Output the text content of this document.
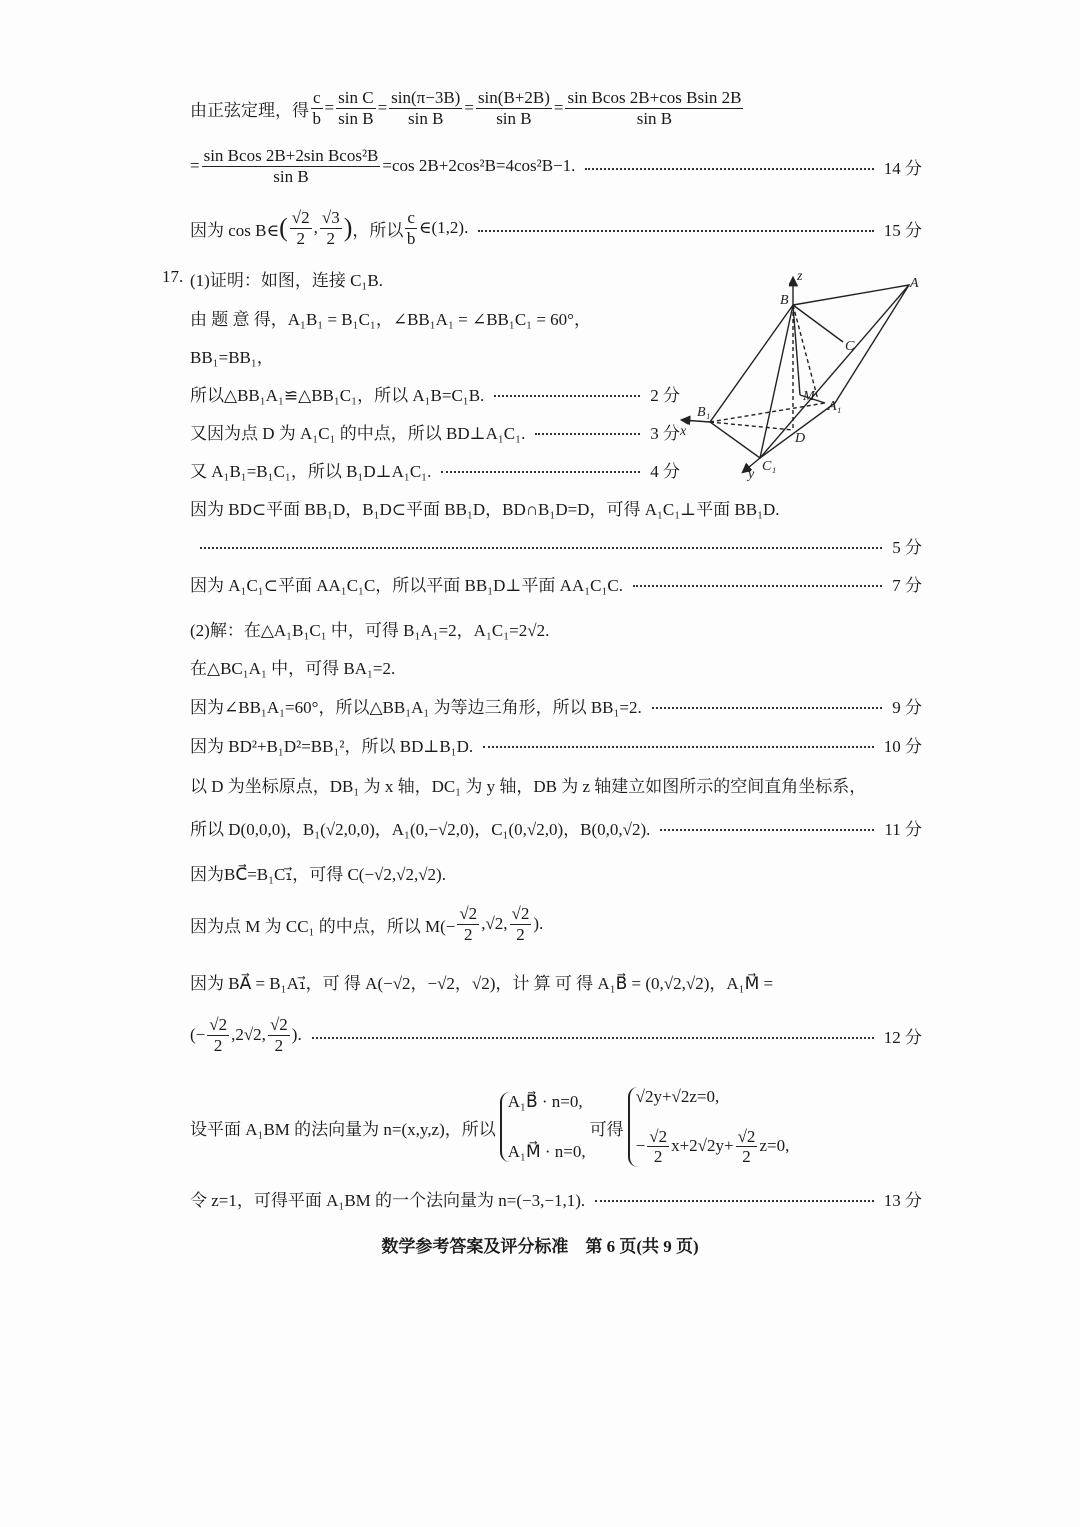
由正弦定理，得 $\frac{c}{b} = \frac{\text{sin C}}{\text{sin B}} = \frac{\sin(\pi-3B)}{\text{sin B}} = \frac{\sin(B+2B)}{\text{sin B}} = \frac{\text{sin Bcos 2B+cos Bsin 2B}}{\text{sin B}}$
= $\frac{\text{sin Bcos 2B+2sin Bcos²B}}{\text{sin B}} =\cos$ 2B+2cos²B=4cos²B−1.	14 分
因为 cos B∈ ( $\frac{√2}{2}$ , $\frac{√3}{2}$ ) ，所以 $\frac{c}{b}$ ∈(1,2).	15 分
17. (1)证明：如图，连接 C₁B.
由 题 意 得，A₁B₁ = B₁C₁，∠BB₁A₁ = ∠BB₁C₁ = 60°，
BB₁=BB₁，
所以△BB₁A₁≌△BB₁C₁，所以 A₁B=C₁B.	2 分
又因为点 D 为 A₁C₁ 的中点，所以 BD⊥A₁C₁.	3 分
又 A₁B₁=B₁C₁，所以 B₁D⊥A₁C₁.	4 分
因为 BD⊂平面 BB₁D，B₁D⊂平面 BB₁D，BD∩B₁D=D，可得 A₁C₁⊥平面 BB₁D.
5 分
因为 A₁C₁⊂平面 AA₁C₁C，所以平面 BB₁D⊥平面 AA₁C₁C.	7 分
(2)解：在△A₁B₁C₁ 中，可得 B₁A₁=2，A₁C₁=2√2.
在△BC₁A₁ 中，可得 BA₁=2.
因为∠BB₁A₁=60°，所以△BB₁A₁ 为等边三角形，所以 BB₁=2.	9 分
因为 BD²+B₁D²=BB₁²，所以 BD⊥B₁D.	10 分
以 D 为坐标原点，DB₁ 为 x 轴，DC₁ 为 y 轴，DB 为 z 轴建立如图所示的空间直角坐标系，
所以 D(0,0,0)，B₁(√2,0,0)，A₁(0,−√2,0)，C₁(0,√2,0)，B(0,0,√2).	11 分
因为BC⃗=B₁C₁⃗，可得 C(−√2,√2,√2).
因为点 M 为 CC₁ 的中点，所以 $M(- \frac{√2}{2} ,√2$, $\frac{√2}{2}$ ).
因为 BA⃗ = B₁A₁⃗，可 得 A(−√2，−√2，√2)，计 算 可 得 A₁B⃗ = (0,√2,√2)，A₁M⃗ =
(− $\frac{√2}{2} ,2√2$, $\frac{√2}{2}$ ).	12 分
设平面 A₁BM 的法向量为 n=(x,y,z)，所以
A₁B⃗ · n=0,
A₁M⃗ · n=0,
可得
√2y+√2z=0,
− $\frac{√2}{2} x+2√2y+ \frac{√2}{2} z=0$,
令 z=1，可得平面 A₁BM 的一个法向量为 n=(−3,−1,1).	13 分
数学参考答案及评分标准　第 6 页(共 9 页)
z
B
A
C
M
A₁
B₁
x	D
C₁
y
